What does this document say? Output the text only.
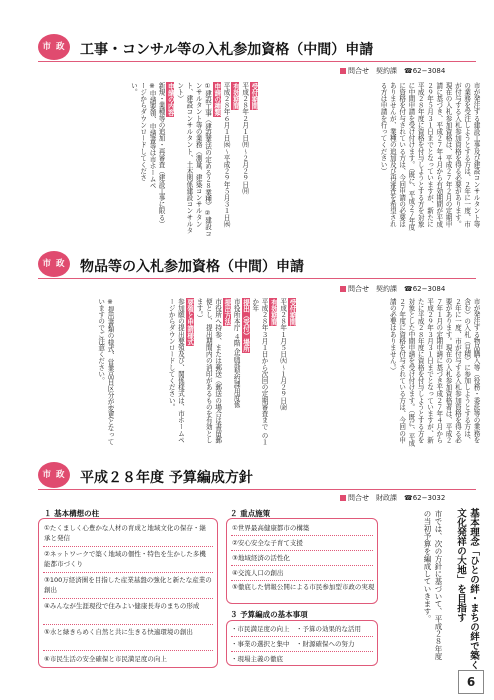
市 政	工事・コンサル等の入札参加資格（中間）申請
問合せ　 契約課　 ☎62−3084
市が発注する建設工事及び建設コンサルタント等の業務を受注しようとする方は、２年に一度、市が付与する入札参加資格を得る必要があります。現在の入札参加資格は、平成２７年２月の定期申請に基づき、平成２７年４月から有効期間が平成２９年５月３１日までとなっていますが、新たに平成２８年度に資格を付与しようとする方を対象に中間申請を受け付けます。（既に、平成２７年度に資格を付与されている方は、今回申請の必要はありませんが、業種の追加及び再審査を希望される方は申請を行ってください）
受付期間
平成２８年２月１日㈪〜２月２９日㈪
有効期間
平成２８年６月１日㈬〜平成２９年５月３１日㈬
申請の種類
①建設工事（建設業法の定める２８業種）②建設コンサルタント等の業務（測量、建築コンサルタント、建設コンサルタント、土木関係建設コンサルタント）
申請の内容
新規・業種等の追加・再審査（建設工事に限る）
※申請要領、申請書等は市ホームページからダウンロードしてください。
市 政	物品等の入札参加資格（中間）申請
問合せ　 契約課　 ☎62−3084
市が発注する物品購入等（役務・委託等の業務を含む）の入札（見積）に参加しようとする方は、２年に一度、市が付与する入札参加資格を得る必要があります。現在の入札参加資格者は、平成２７年１月の定期申請に基づき平成２７年４月から平成２９年３月３１日までとなっていますが、新たに平成２８年度に資格を付与しようとする方を対象とした中間申請を受け付けます。（既に、平成２７年度に資格を付与されている方は、今回の申請の必要はありません。）
受付期間
平成２８年１月５日㈫〜１月２９日㈮
有効期間
平成２８年３月１日から次回の定期審査まで の１か年
提出（受付）場所
市役所本庁 ４階 企画部契約課用度係
提出方法
市役所へ持参、または郵送（郵送の場合は書留郵便とし、提出期間内の消印があるものを有効とします。）
要領と申請様式
参加願の提出要領及び、関係様式は、市ホームページからダウンロードしてください。
※提出書類の様式、営業品目区分が変更となっていますのでご注意ください。
市 政	平成２８年度 予算編成方針
問合せ　 財政課　 ☎62−3032
基本理念「ひとの絆・まちの絆で築く文化発祥の大地」を目指す
市では、次の方針に基づいて、平成２８年度の当初予算を編成していきます。
１ 基本構想の柱
①たくましく心豊かな人材の育成と地域文化の保存・継承と発信
②ネットワークで築く地域の個性・特色を生かした多機能都市づくり
③100万経済圏を目指した産業基盤の強化と新たな産業の創出
④みんなが生涯現役で住みよい健康長寿のまちの形成
⑤水と緑きらめく自然と共に生きる快適環境の創出
⑥市民生活の安全確保と市民満足度の向上
２ 重点施策
①世界最高健康都市の構築
②安心安全な子育て支援
③地域経済の活性化
④交流人口の創出
⑤徹底した情報公開による市民参加型市政の実現
３ 予算編成の基本事項
・市民満足度の向上　・予算の効果的な活用
・事業の選択と集中　・財源確保への努力
・現場主義の徹底
6
